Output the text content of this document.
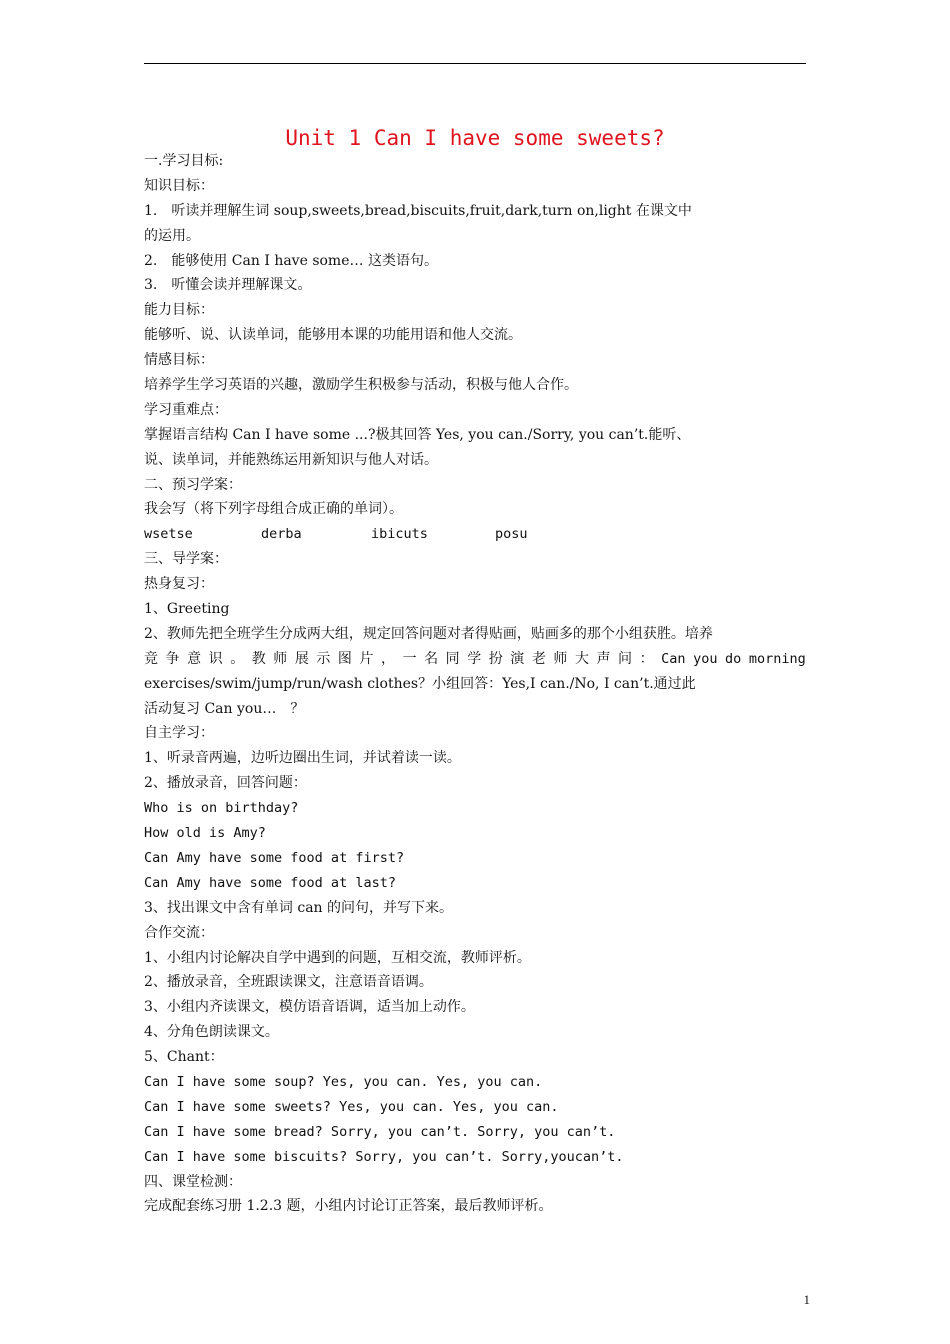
Unit 1 Can I have some sweets?
一.学习目标:
知识目标：
1.　听读并理解生词 soup,sweets,bread,biscuits,fruit,dark,turn on,light 在课文中
的运用。
2.　能够使用 Can I have some… 这类语句。
3.　听懂会读并理解课文。
能力目标：
能够听、说、认读单词，能够用本课的功能用语和他人交流。
情感目标：
培养学生学习英语的兴趣，激励学生积极参与活动，积极与他人合作。
学习重难点：
掌握语言结构 Can I have some ...?极其回答 Yes, you can./Sorry, you can’t.能听、
说、读单词，并能熟练运用新知识与他人对话。
二、预习学案：
我会写（将下列字母组合成正确的单词）。
wsetse	derba	ibicuts	posu
三、导学案：
热身复习：
1、Greeting
2、教师先把全班学生分成两大组，规定回答问题对者得贴画，贴画多的那个小组获胜。培养
竞 争 意 识 。 教 师 展 示 图 片 ， 一 名 同 学 扮 演 老 师 大 声 问 ： Can you do morning
exercises/swim/jump/run/wash clothes？小组回答：Yes,I can./No, I can’t.通过此
活动复习 Can you…　？
自主学习：
1、听录音两遍，边听边圈出生词，并试着读一读。
2、播放录音，回答问题：
Who is on birthday?
How old is Amy?
Can Amy have some food at first?
Can Amy have some food at last?
3、找出课文中含有单词 can 的问句，并写下来。
合作交流：
1、小组内讨论解决自学中遇到的问题，互相交流，教师评析。
2、播放录音，全班跟读课文，注意语音语调。
3、小组内齐读课文，模仿语音语调，适当加上动作。
4、分角色朗读课文。
5、Chant：
Can I have some soup? Yes, you can. Yes, you can.
Can I have some sweets? Yes, you can. Yes, you can.
Can I have some bread? Sorry, you can’t. Sorry, you can’t.
Can I have some biscuits? Sorry, you can’t. Sorry,youcan’t.
四、课堂检测：
完成配套练习册 1.2.3 题，小组内讨论订正答案，最后教师评析。
1
